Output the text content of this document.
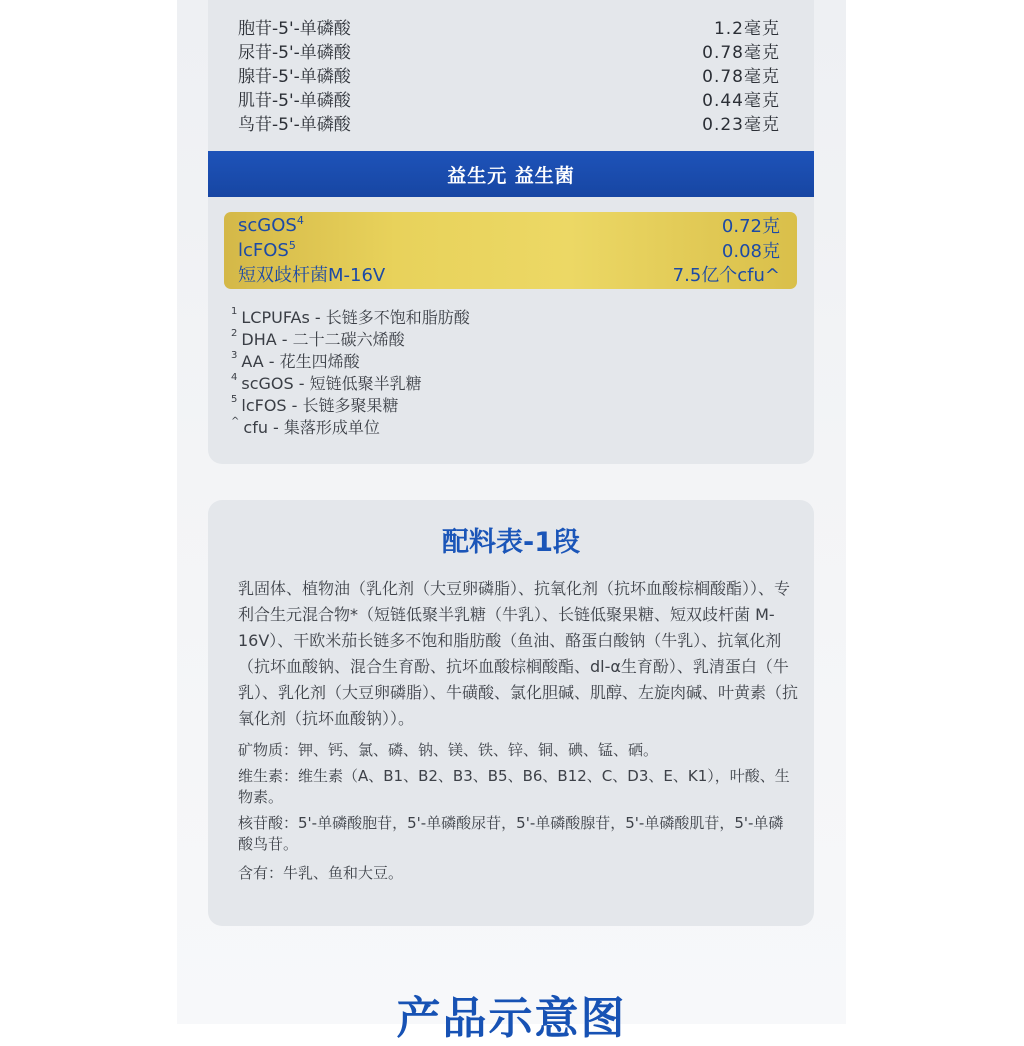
胞苷-5'-单磷酸	1.2毫克
尿苷-5'-单磷酸	0.78毫克
腺苷-5'-单磷酸	0.78毫克
肌苷-5'-单磷酸	0.44毫克
鸟苷-5'-单磷酸	0.23毫克
益生元 益生菌
scGOS$^4$	0.72克
lcFOS$^5$	0.08克
短双歧杆菌M-16V	7.5亿个cfu^
1 LCPUFAs - 长链多不饱和脂肪酸
2 DHA - 二十二碳六烯酸
3 AA - 花生四烯酸
4 scGOS - 短链低聚半乳糖
5 lcFOS - 长链多聚果糖
^ cfu - 集落形成单位
配料表-1段
乳固体、植物油（乳化剂（大豆卵磷脂）、抗氧化剂（抗坏血酸棕榈酸酯））、专利合生元混合物*（短链低聚半乳糖（牛乳）、长链低聚果糖、短双歧杆菌 M-16V）、干欧米茄长链多不饱和脂肪酸（鱼油、酪蛋白酸钠（牛乳）、抗氧化剂（抗坏血酸钠、混合生育酚、抗坏血酸棕榈酸酯、dl-α生育酚）、乳清蛋白（牛乳）、乳化剂（大豆卵磷脂）、牛磺酸、氯化胆碱、肌醇、左旋肉碱、叶黄素（抗氧化剂（抗坏血酸钠））。
矿物质：钾、钙、氯、磷、钠、镁、铁、锌、铜、碘、锰、硒。
维生素：维生素（A、B1、B2、B3、B5、B6、B12、C、D3、E、K1），叶酸、生物素。
核苷酸：5'-单磷酸胞苷，5'-单磷酸尿苷，5'-单磷酸腺苷，5'-单磷酸肌苷，5'-单磷酸鸟苷。
含有：牛乳、鱼和大豆。
产品示意图
